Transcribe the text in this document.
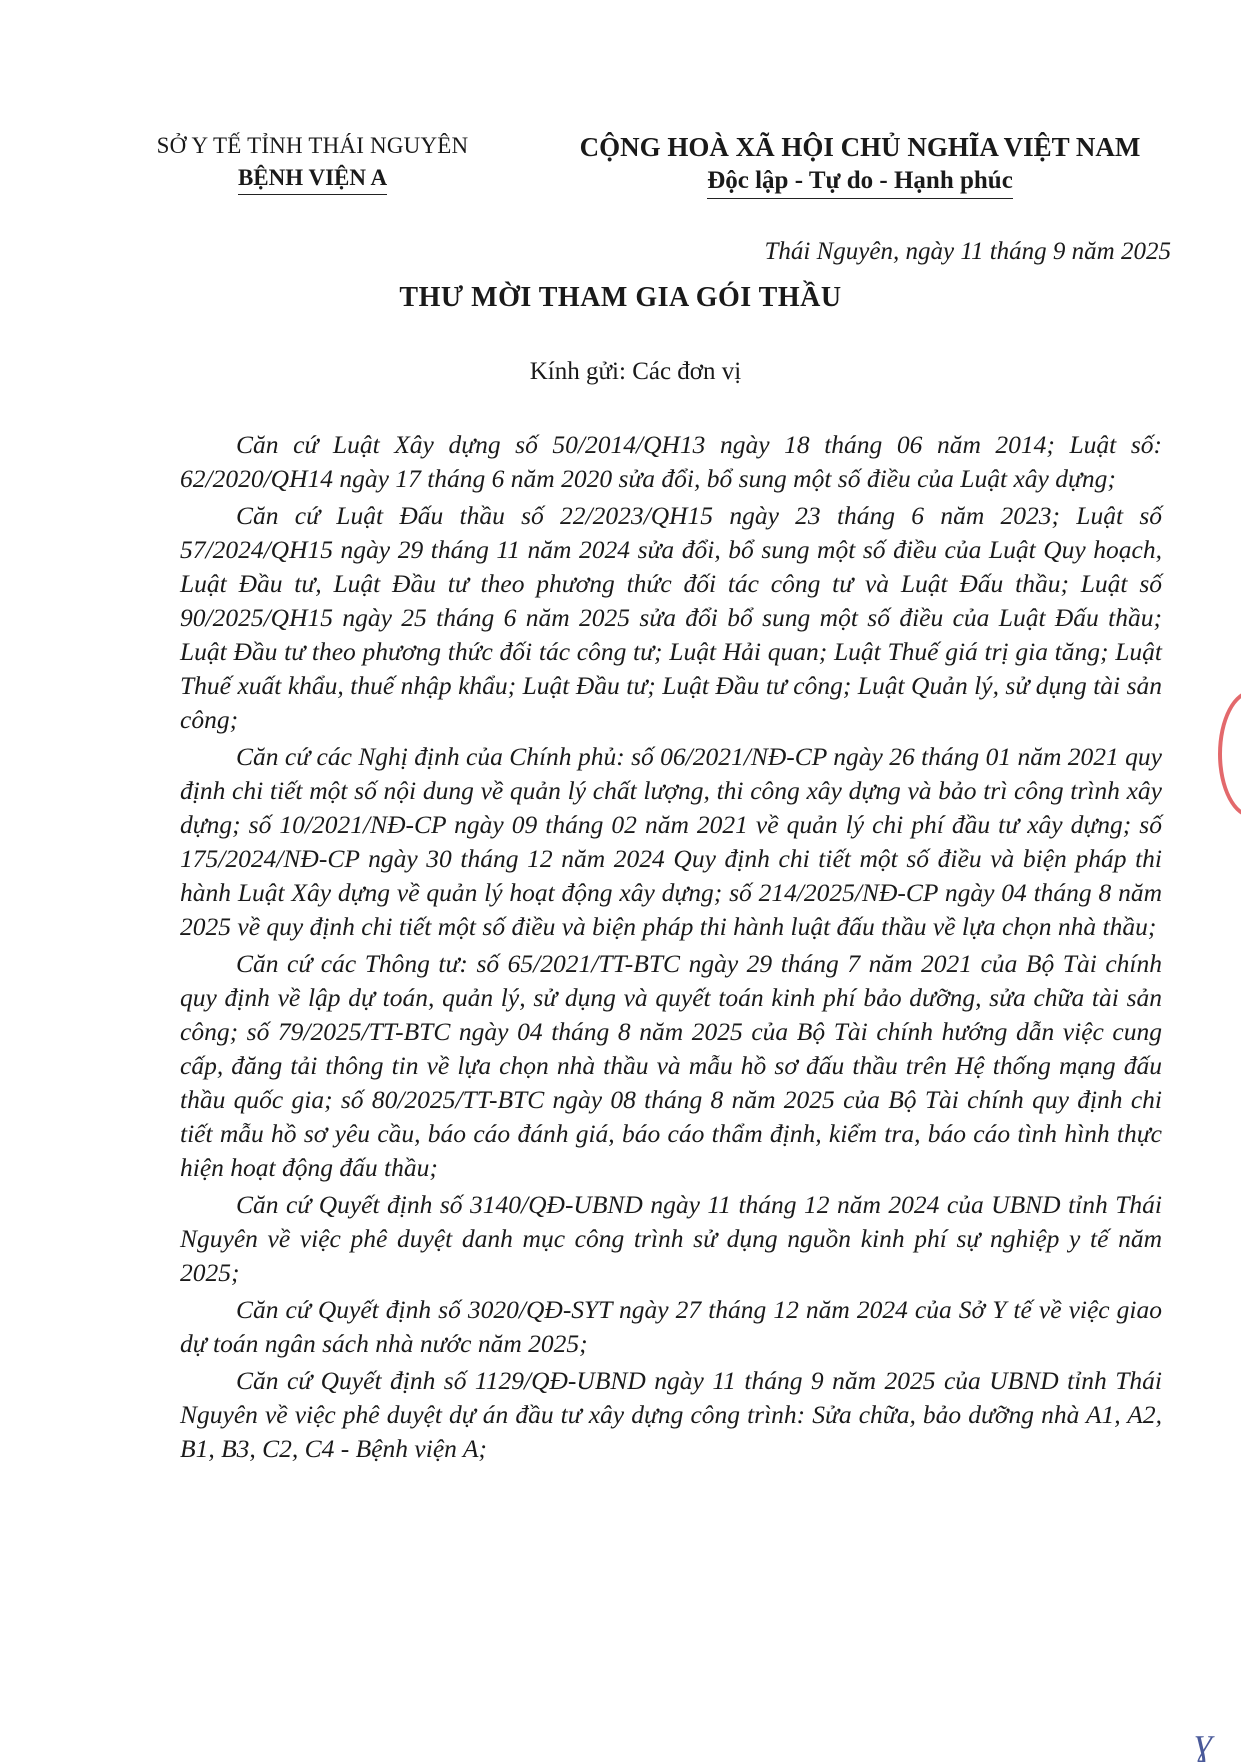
SỞ Y TẾ TỈNH THÁI NGUYÊN
BỆNH VIỆN A
CỘNG HOÀ XÃ HỘI CHỦ NGHĨA VIỆT NAM
Độc lập - Tự do - Hạnh phúc
Thái Nguyên, ngày 11 tháng 9 năm 2025
THƯ MỜI THAM GIA GÓI THẦU
Kính gửi: Các đơn vị

Căn cứ Luật Xây dựng số 50/2014/QH13 ngày 18 tháng 06 năm 2014; Luật số: 62/2020/QH14 ngày 17 tháng 6 năm 2020 sửa đổi, bổ sung một số điều của Luật xây dựng;

Căn cứ Luật Đấu thầu số 22/2023/QH15 ngày 23 tháng 6 năm 2023; Luật số 57/2024/QH15 ngày 29 tháng 11 năm 2024 sửa đổi, bổ sung một số điều của Luật Quy hoạch, Luật Đầu tư, Luật Đầu tư theo phương thức đối tác công tư và Luật Đấu thầu; Luật số 90/2025/QH15 ngày 25 tháng 6 năm 2025 sửa đổi bổ sung một số điều của Luật Đấu thầu; Luật Đầu tư theo phương thức đối tác công tư; Luật Hải quan; Luật Thuế giá trị gia tăng; Luật Thuế xuất khẩu, thuế nhập khẩu; Luật Đầu tư; Luật Đầu tư công; Luật Quản lý, sử dụng tài sản công;

Căn cứ các Nghị định của Chính phủ: số 06/2021/NĐ-CP ngày 26 tháng 01 năm 2021 quy định chi tiết một số nội dung về quản lý chất lượng, thi công xây dựng và bảo trì công trình xây dựng; số 10/2021/NĐ-CP ngày 09 tháng 02 năm 2021 về quản lý chi phí đầu tư xây dựng; số 175/2024/NĐ-CP ngày 30 tháng 12 năm 2024 Quy định chi tiết một số điều và biện pháp thi hành Luật Xây dựng về quản lý hoạt động xây dựng; số 214/2025/NĐ-CP ngày 04 tháng 8 năm 2025 về quy định chi tiết một số điều và biện pháp thi hành luật đấu thầu về lựa chọn nhà thầu;

Căn cứ các Thông tư: số 65/2021/TT-BTC ngày 29 tháng 7 năm 2021 của Bộ Tài chính quy định về lập dự toán, quản lý, sử dụng và quyết toán kinh phí bảo dưỡng, sửa chữa tài sản công; số 79/2025/TT-BTC ngày 04 tháng 8 năm 2025 của Bộ Tài chính hướng dẫn việc cung cấp, đăng tải thông tin về lựa chọn nhà thầu và mẫu hồ sơ đấu thầu trên Hệ thống mạng đấu thầu quốc gia; số 80/2025/TT-BTC ngày 08 tháng 8 năm 2025 của Bộ Tài chính quy định chi tiết mẫu hồ sơ yêu cầu, báo cáo đánh giá, báo cáo thẩm định, kiểm tra, báo cáo tình hình thực hiện hoạt động đấu thầu;

Căn cứ Quyết định số 3140/QĐ-UBND ngày 11 tháng 12 năm 2024 của UBND tỉnh Thái Nguyên về việc phê duyệt danh mục công trình sử dụng nguồn kinh phí sự nghiệp y tế năm 2025;

Căn cứ Quyết định số 3020/QĐ-SYT ngày 27 tháng 12 năm 2024 của Sở Y tế về việc giao dự toán ngân sách nhà nước năm 2025;

Căn cứ Quyết định số 1129/QĐ-UBND ngày 11 tháng 9 năm 2025 của UBND tỉnh Thái Nguyên về việc phê duyệt dự án đầu tư xây dựng công trình: Sửa chữa, bảo dưỡng nhà A1, A2, B1, B3, C2, C4 - Bệnh viện A;

ɣ
